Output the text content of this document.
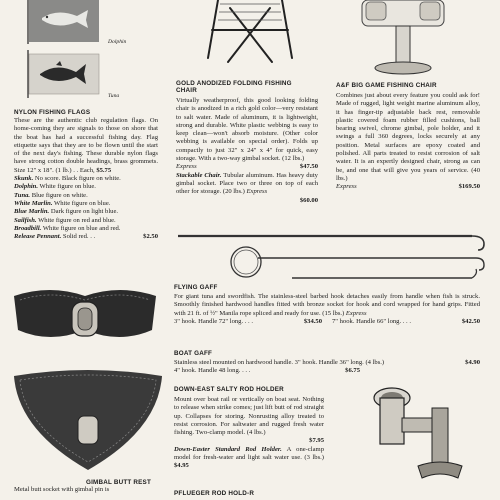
Dolphin
Tuna
NYLON FISHING FLAGS
These are the authentic club regulation flags. On home-coming they are signals to those on shore that the boat has had a successful fishing day. Flag etiquette says that they are to be flown until the start of the next day's fishing. These durable nylon flags have strong cotton double headings, brass grommets. Size 12" x 18". (1 lb.) . . Each, $5.75
Skunk. No score. Black figure on white.
Dolphin. White figure on blue.
Tuna. Blue figure on white.
White Marlin. White figure on blue.
Blue Marlin. Dark figure on light blue.
Sailfish. White figure on red and blue.
Broadbill. White figure on blue and red.
Release Pennant. Solid red. . .	$2.50
GOLD ANODIZED FOLDING FISHING
CHAIR
Virtually weatherproof, this good looking folding chair is anodized in a rich gold color—very resistant to salt water. Made of aluminum, it is lightweight, strong and durable. White plastic webbing is easy to keep clean—won't absorb moisture. (Other color webbing is available on special order). Folds up compactly to just 32" x 24" x 4" for quick, easy storage. With a two-way gimbal socket. (12 lbs.)
Express	$47.50
Stackable Chair. Tubular aluminum. Has heavy duty gimbal socket. Place two or three on top of each other for storage. (20 lbs.) Express
$60.00
A&F BIG GAME FISHING CHAIR
Combines just about every feature you could ask for! Made of rugged, light weight marine aluminum alloy, it has finger-tip adjustable back rest, removable plastic covered foam rubber filled cushions, ball bearing swivel, chrome gimbal, pole holder, and it swings a full 360 degrees, locks securely at any position. Metal surfaces are epoxy coated and polished. All parts treated to resist corrosion of salt water. It is an expertly designed chair, strong as can be, and one that will give you years of service. (40 lbs.)
Express	$169.50
FLYING GAFF
For giant tuna and swordfish. The stainless-steel barbed hook detaches easily from handle when fish is struck. Smoothly finished hardwood handles fitted with bronze socket for hook and cord wrapped for hand grips. Fitted with 21 ft. of ½" Manila rope spliced and ready for use. (15 lbs.) Express
3" hook. Handle 72" long. . . .	$34.50 7" hook. Handle 66" long. . . .	$42.50
BOAT GAFF
Stainless steel mounted on hardwood handle. 3" hook. Handle 36" long. (4 lbs.)	$4.90
4" hook. Handle 48 long. . . .	$6.75
DOWN-EAST SALTY ROD HOLDER
Mount over boat rail or vertically on boat seat. Nothing to release when strike comes; just lift butt of rod straight up. Collapses for storing. Nonrusting alloy treated to resist corrosion. For saltwater and rugged fresh water fishing. Two-clamp model. (4 lbs.)
$7.95
Down-Easter Standard Rod Holder. A one-clamp model for fresh-water and light salt water use. (3 lbs.) $4.95
GIMBAL BUTT REST
Metal butt socket with gimbal pin is
PFLUEGER ROD HOLD-R
